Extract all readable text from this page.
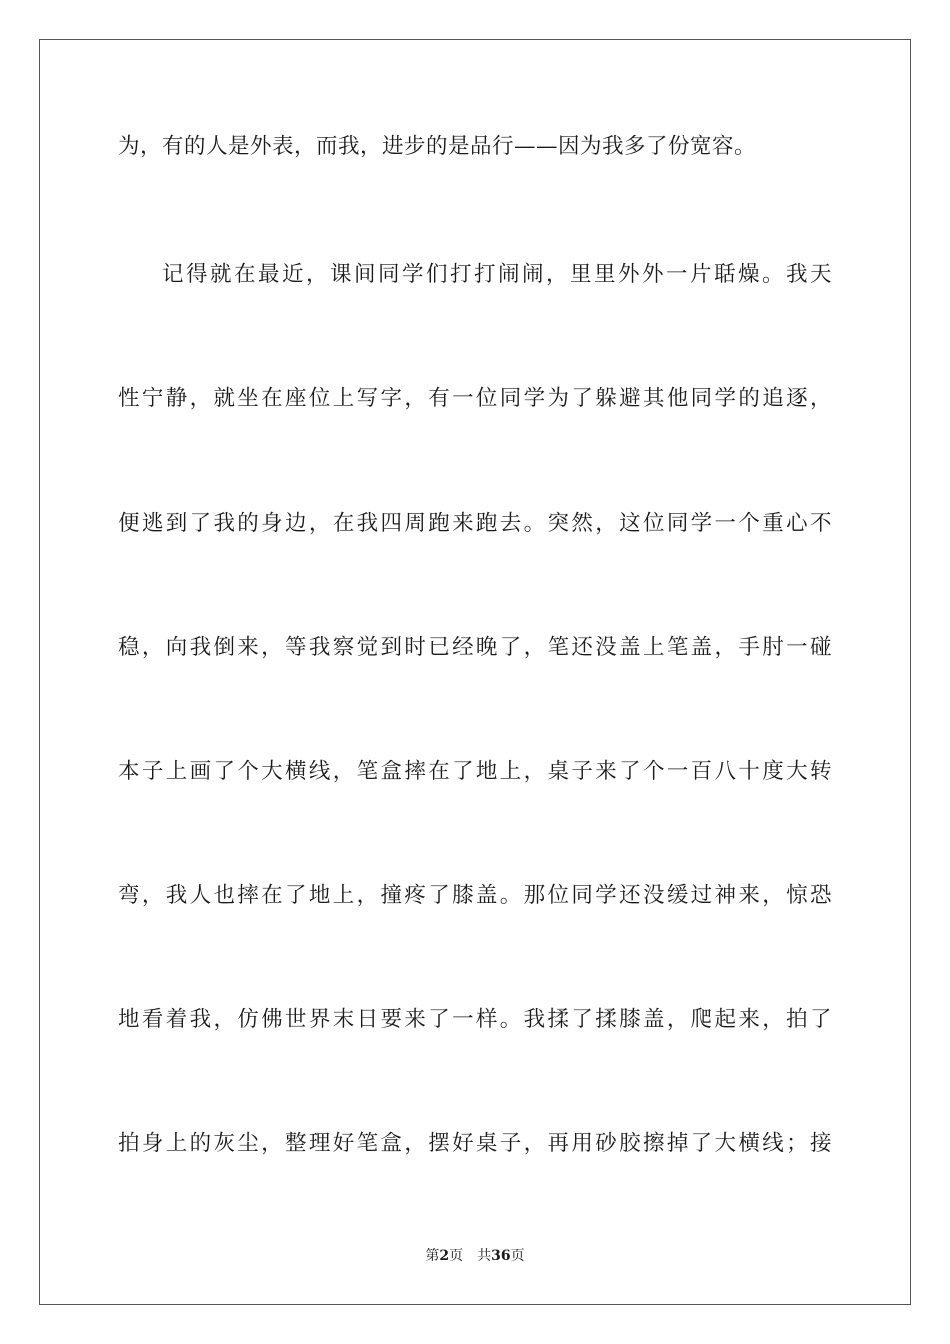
为，有的人是外表，而我，进步的是品行——因为我多了份宽容。
记得就在最近，课间同学们打打闹闹，里里外外一片聒燥。我天
性宁静，就坐在座位上写字，有一位同学为了躲避其他同学的追逐，
便逃到了我的身边，在我四周跑来跑去。突然，这位同学一个重心不
稳，向我倒来，等我察觉到时已经晚了，笔还没盖上笔盖，手肘一碰
本子上画了个大横线，笔盒摔在了地上，桌子来了个一百八十度大转
弯，我人也摔在了地上，撞疼了膝盖。那位同学还没缓过神来，惊恐
地看着我，仿佛世界末日要来了一样。我揉了揉膝盖，爬起来，拍了
拍身上的灰尘，整理好笔盒，摆好桌子，再用砂胶擦掉了大横线；接
第2页 共36页
